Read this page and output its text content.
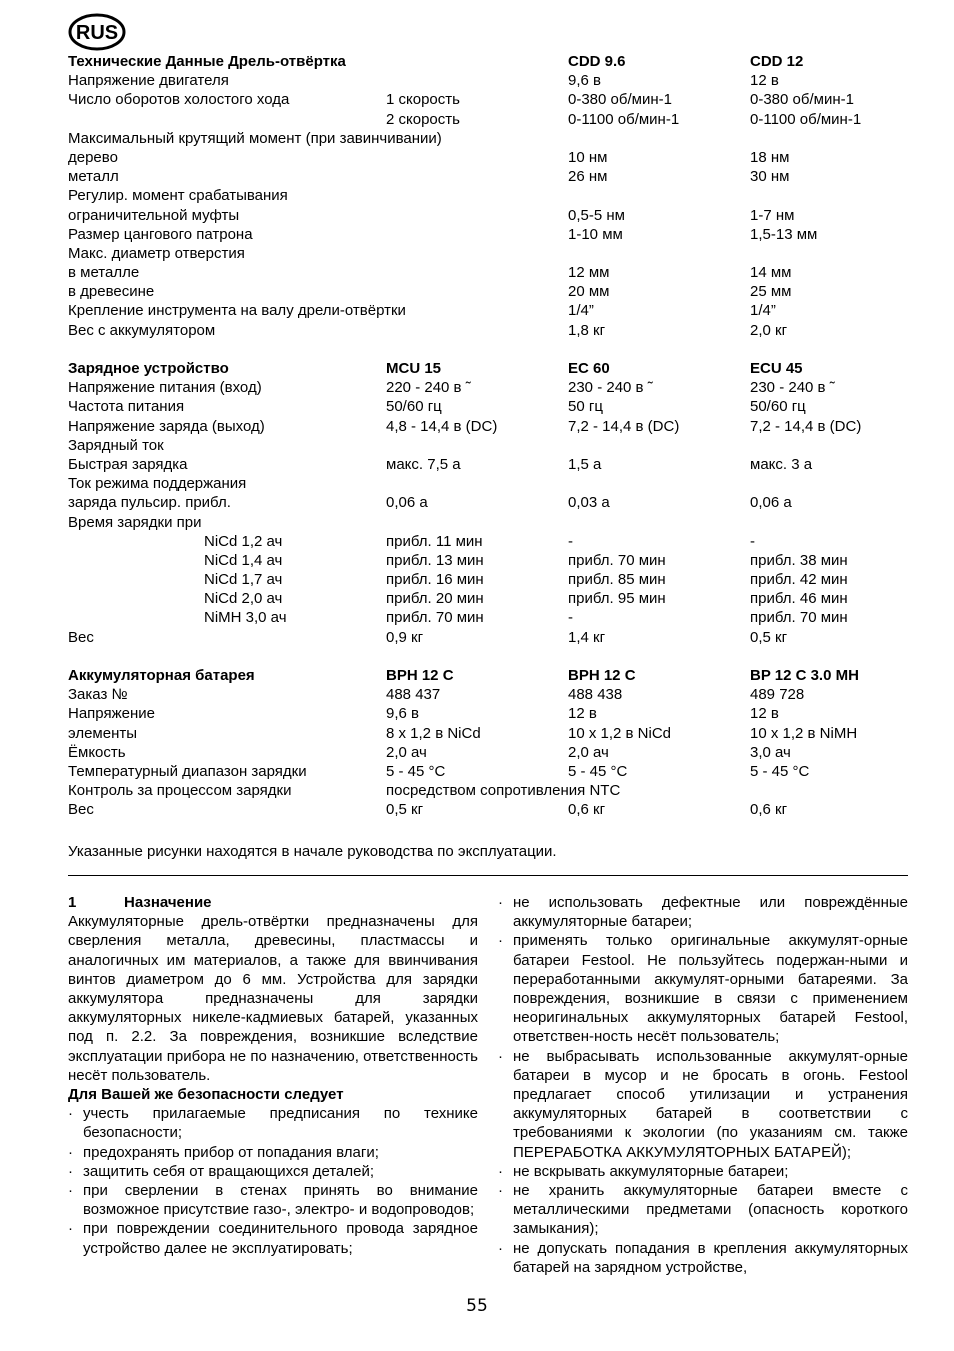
RUS
Технические Данные Дрель-отвёртка	CDD 9.6	CDD 12
Напряжение двигателя	9,6 в	12 в
Число оборотов холостого хода	1 скорость	0-380 об/мин-1	0-380 об/мин-1
2 скорость	0-1100 об/мин-1	0-1100 об/мин-1
Максимальный крутящий момент (при завинчивании)
дерево	10 нм	18 нм
металл	26 нм	30 нм
Регулир. момент срабатывания
ограничительной муфты	0,5-5 нм	1-7 нм
Размер цангового патрона	1-10 мм	1,5-13 мм
Макс. диаметр отверстия
в металле	12 мм	14 мм
в древесине	20 мм	25 мм
Крепление инструмента на валу дрели-отвёртки	1/4”	1/4”
Вес с аккумулятором	1,8 кг	2,0 кг
Зарядное устройство	MCU 15	EC 60	ECU 45
Напряжение питания (вход)	220 - 240 в ˜	230 - 240 в ˜	230 - 240 в ˜
Частота питания	50/60 гц	50 гц	50/60 гц
Напряжение заряда (выход)	4,8 - 14,4 в (DC)	7,2 - 14,4 в (DC)	7,2 - 14,4 в (DC)
Зарядный ток
Быстрая зарядка	макс. 7,5 а	1,5 а	макс. 3 а
Ток режима поддержания
заряда пульсир. прибл.	0,06 а	0,03 а	0,06 а
Время зарядки при
NiCd 1,2 ач	прибл. 11 мин	-	-
NiCd 1,4 ач	прибл. 13 мин	прибл. 70 мин	прибл. 38 мин
NiCd 1,7 ач	прибл. 16 мин	прибл. 85 мин	прибл. 42 мин
NiCd 2,0 ач	прибл. 20 мин	прибл. 95 мин	прибл. 46 мин
NiMH 3,0 ач	прибл. 70 мин	-	прибл. 70 мин
Вес	0,9 кг	1,4 кг	0,5 кг
Аккумуляторная батарея	BPH 12 C	BPH 12 C	BP 12 C 3.0 MH
Заказ №	488 437	488 438	489 728
Напряжение	9,6 в	12 в	12 в
элементы	8 х 1,2 в NiCd	10 х 1,2 в NiCd	10 х 1,2 в NiMH
Ёмкость	2,0 ач	2,0 ач	3,0 ач
Температурный диапазон зарядки	5 - 45 °C	5 - 45 °C	5 - 45 °C
Контроль за процессом зарядки	посредством сопротивления NTC
Вес	0,5 кг	0,6 кг	0,6 кг
Указанные рисунки находятся в начале руководства по эксплуатации.
1	Назначение
Аккумуляторные дрель-отвёртки предназначены для сверления металла, древесины, пластмассы и аналогичных им материалов, а также для ввинчивания винтов диаметром до 6 мм. Устройства для зарядки аккумулятора предназначены для зарядки аккумуляторных никеле-кадмиевых батарей, указанных под п. 2.2. За повреждения, возникшие вследствие эксплуатации прибора не по назначению, ответственность несёт пользователь.
Для Вашей же безопасности следует
· учесть прилагаемые предписания по технике безопасности;
· предохранять прибор от попадания влаги;
· защитить себя от вращающихся деталей;
· при сверлении в стенах принять во внимание возможное присутствие газо-, электро- и водопроводов;
· при повреждении соединительного провода зарядное устройство далее не эксплуатировать;
· не использовать дефектные или повреждённые аккумуляторные батареи;
· применять только оригинальные аккумулят-орные батареи Festool. Не пользуйтесь подержан-ными и переработанными аккумулят-орными батареями. За повреждения, возникшие в связи с применением неоригинальных аккумуляторных батарей Festool, ответствен-ность несёт пользователь;
· не выбрасывать использованные аккумулят-орные батареи в мусор и не бросать в огонь. Festool предлагает способ утилизации и устранения аккумуляторных батарей в соответствии с требованиями к экологии (по указаниям см. также ПЕРЕРАБОТКА АККУМУЛЯТОРНЫХ БАТАРЕЙ);
· не вскрывать аккумуляторные батареи;
· не хранить аккумуляторные батареи вместе с металлическими предметами (опасность короткого замыкания);
· не допускать попадания в крепления аккумуляторных батарей на зарядном устройстве,
55
